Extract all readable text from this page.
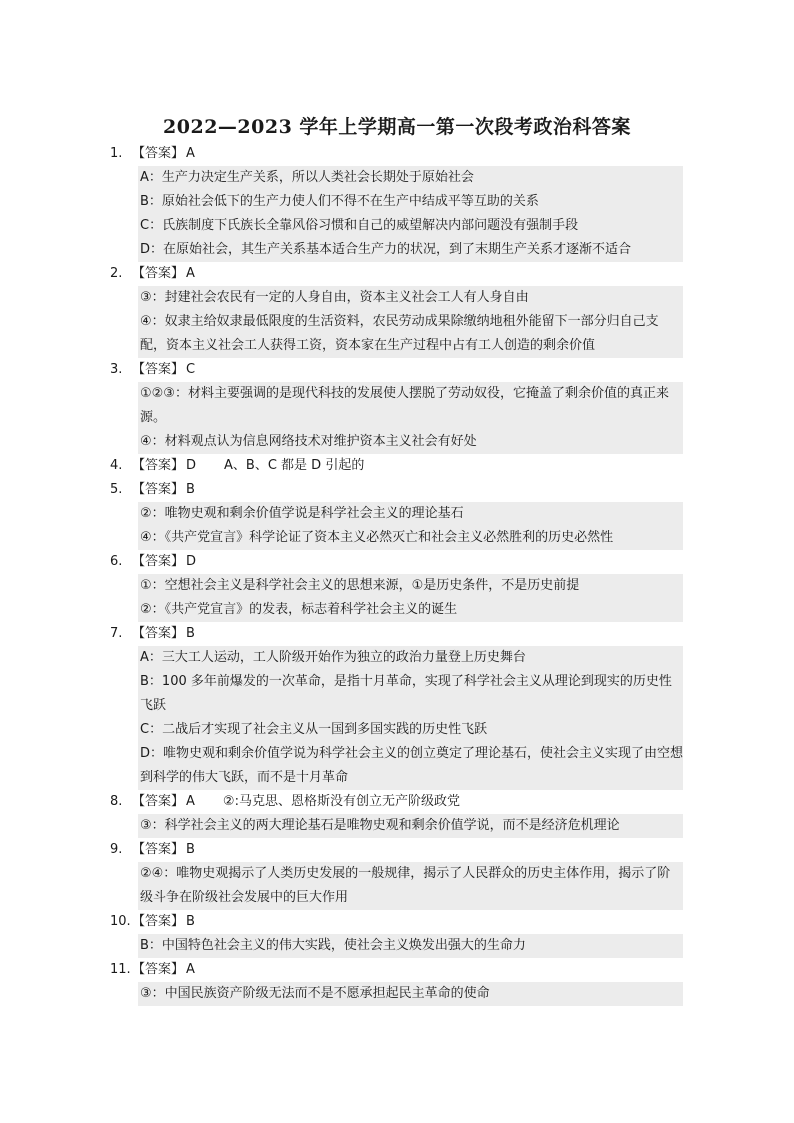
2022—2023 学年上学期高一第一次段考政治科答案
1. 【答案】 A
A：生产力决定生产关系，所以人类社会长期处于原始社会
B：原始社会低下的生产力使人们不得不在生产中结成平等互助的关系
C：氏族制度下氏族长全靠风俗习惯和自己的威望解决内部问题没有强制手段
D：在原始社会，其生产关系基本适合生产力的状况，到了末期生产关系才逐渐不适合
2. 【答案】 A
③：封建社会农民有一定的人身自由，资本主义社会工人有人身自由
④：奴隶主给奴隶最低限度的生活资料，农民劳动成果除缴纳地租外能留下一部分归自己支配，资本主义社会工人获得工资，资本家在生产过程中占有工人创造的剩余价值
3. 【答案】 C
①②③：材料主要强调的是现代科技的发展使人摆脱了劳动奴役，它掩盖了剩余价值的真正来源。
④：材料观点认为信息网络技术对维护资本主义社会有好处
4. 【答案】 D A、B、C 都是 D 引起的
5. 【答案】 B
②：唯物史观和剩余价值学说是科学社会主义的理论基石
④：《共产党宣言》科学论证了资本主义必然灭亡和社会主义必然胜利的历史必然性
6. 【答案】 D
①：空想社会主义是科学社会主义的思想来源，①是历史条件，不是历史前提
②：《共产党宣言》的发表，标志着科学社会主义的诞生
7. 【答案】 B
A：三大工人运动，工人阶级开始作为独立的政治力量登上历史舞台
B：100 多年前爆发的一次革命，是指十月革命，实现了科学社会主义从理论到现实的历史性飞跃
C：二战后才实现了社会主义从一国到多国实践的历史性飞跃
D：唯物史观和剩余价值学说为科学社会主义的创立奠定了理论基石，使社会主义实现了由空想到科学的伟大飞跃，而不是十月革命
8. 【答案】 A ②:马克思、恩格斯没有创立无产阶级政党
③：科学社会主义的两大理论基石是唯物史观和剩余价值学说，而不是经济危机理论
9. 【答案】 B
②④：唯物史观揭示了人类历史发展的一般规律，揭示了人民群众的历史主体作用，揭示了阶级斗争在阶级社会发展中的巨大作用
10.【答案】 B
B：中国特色社会主义的伟大实践，使社会主义焕发出强大的生命力
11.【答案】 A
③：中国民族资产阶级无法而不是不愿承担起民主革命的使命
